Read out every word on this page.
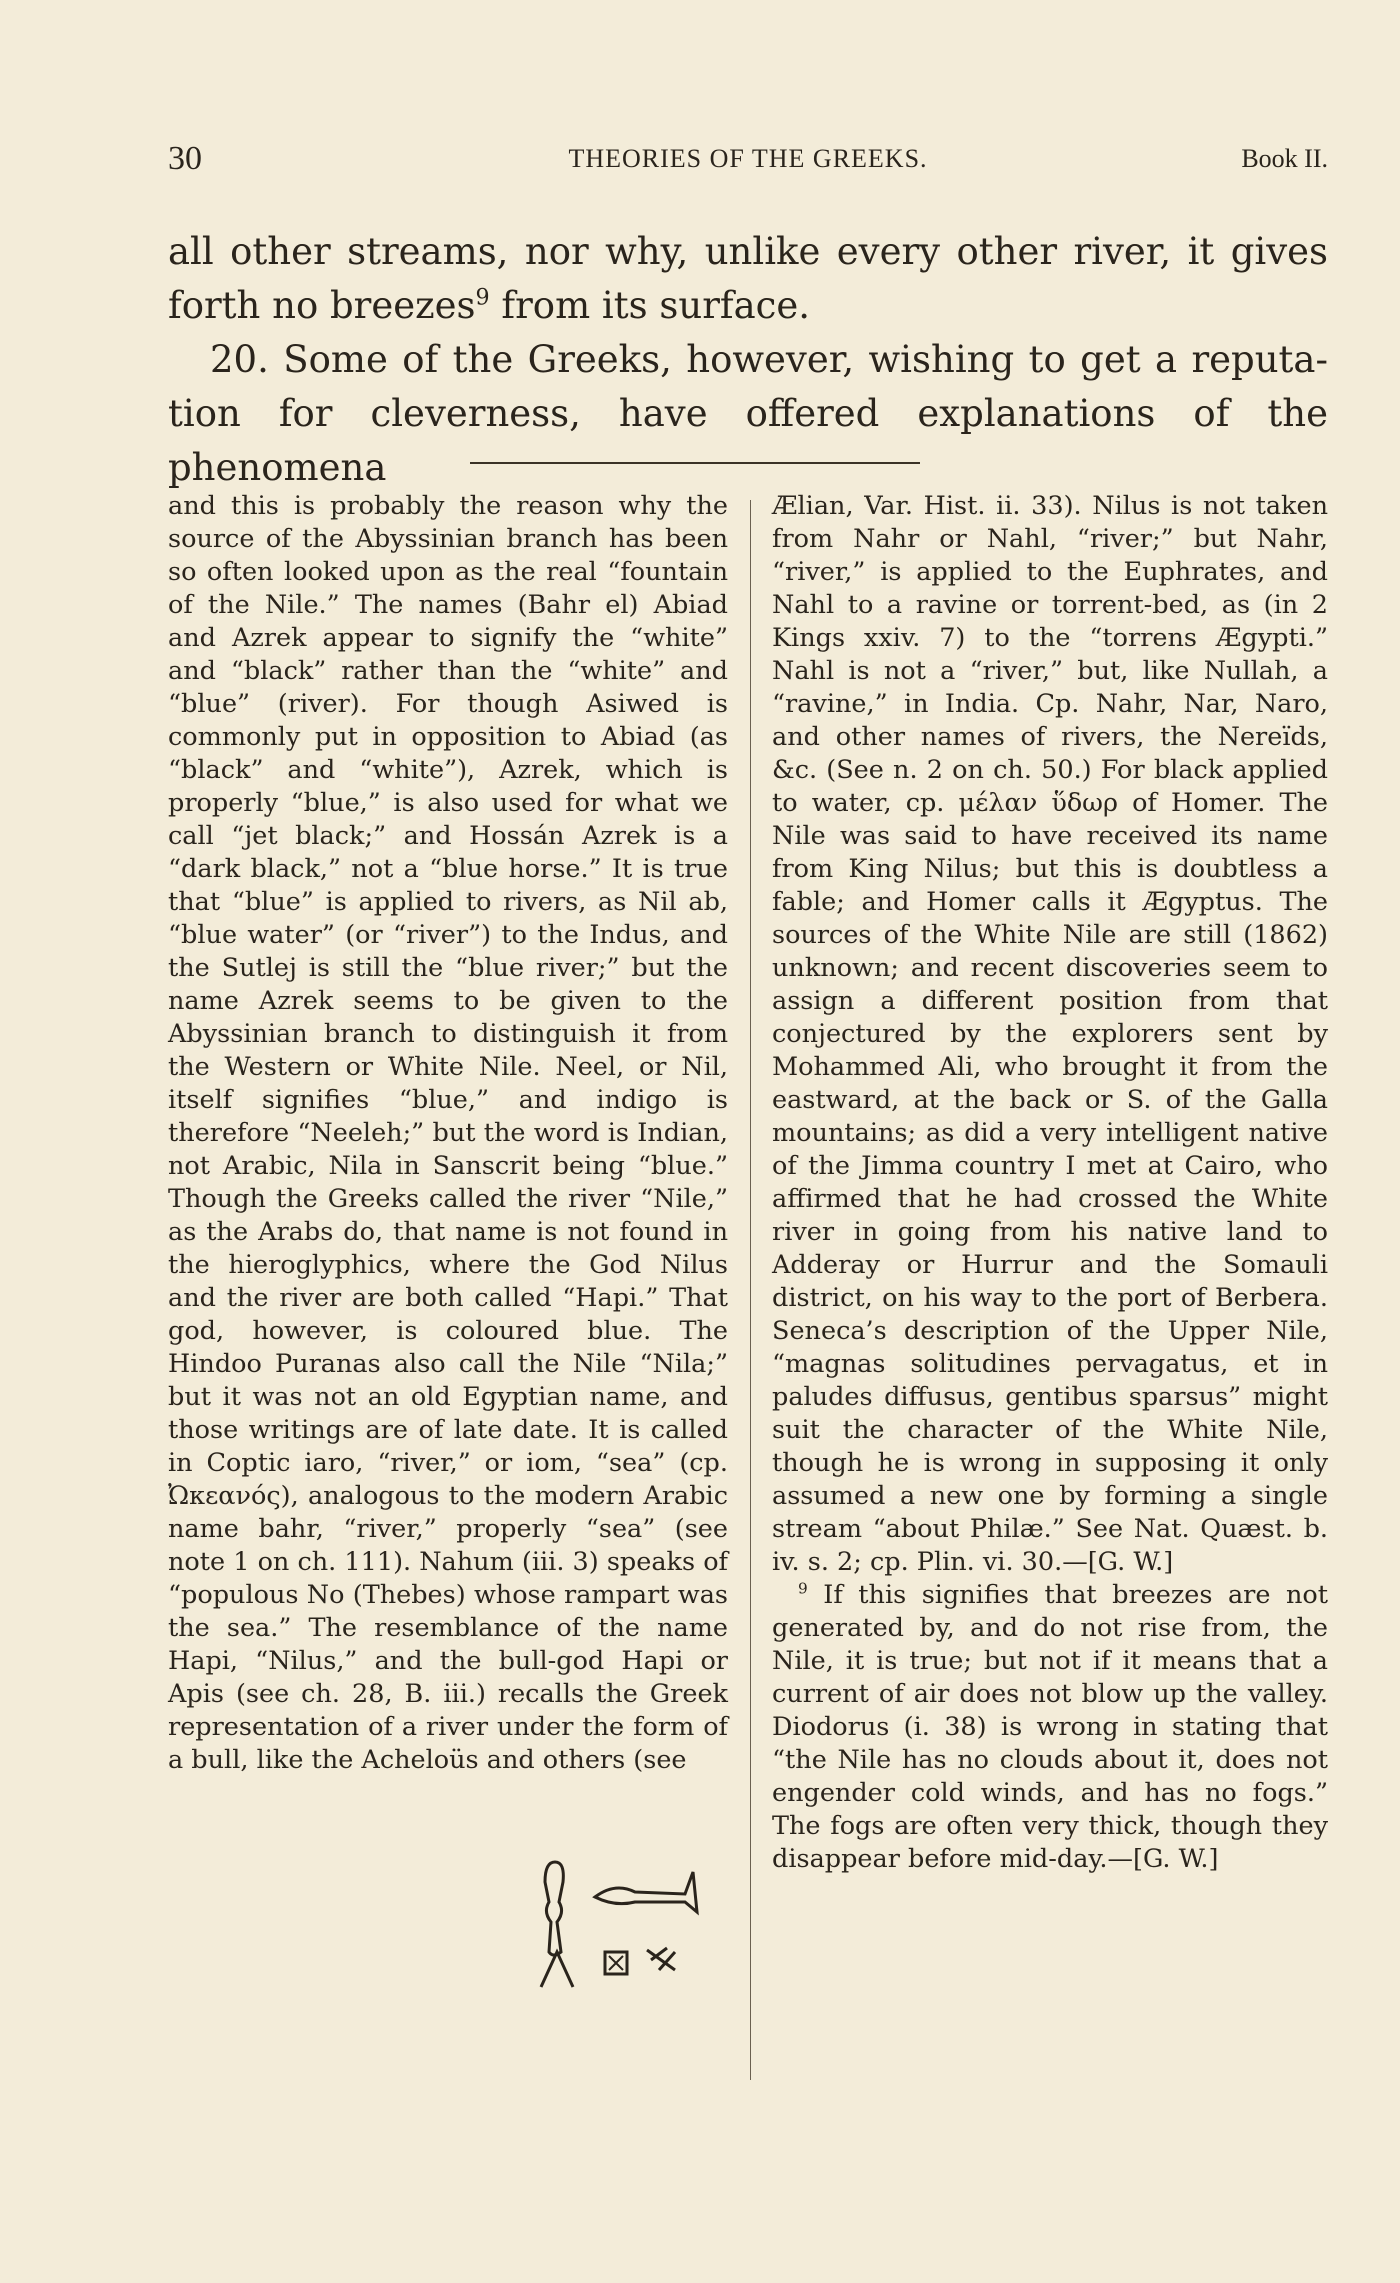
30	THEORIES OF THE GREEKS.	Book II.

all other streams, nor why, unlike every other river, it gives

forth no breezes$^9$ from its surface.

20. Some of the Greeks, however, wishing to get a reputa-

tion for cleverness, have offered explanations of the phenomena

and this is probably the reason why the source of the Abyssinian branch has been so often looked upon as the real “fountain of the Nile.” The names (Bahr el) Abiad and Azrek appear to signify the “white” and “black” rather than the “white” and “blue” (river). For though Asiwed is commonly put in opposition to Abiad (as “black” and “white”), Azrek, which is properly “blue,” is also used for what we call “jet black;” and Hossán Azrek is a “dark black,” not a “blue horse.” It is true that “blue” is applied to rivers, as Nil ab, “blue water” (or “river”) to the Indus, and the Sutlej is still the “blue river;” but the name Azrek seems to be given to the Abyssinian branch to distinguish it from the Western or White Nile. Neel, or Nil, itself signifies “blue,” and indigo is therefore “Neeleh;” but the word is Indian, not Arabic, Nila in Sanscrit being “blue.” Though the Greeks called the river “Nile,” as the Arabs do, that name is not found in the hieroglyphics, where the God Nilus and the river are both called “Hapi.” That god, however, is coloured blue. The Hindoo Puranas also call the Nile “Nila;” but it was not an old Egyptian name, and those writings are of late date. It is called in Coptic iaro, “river,” or iom, “sea” (cp. Ὠκεανός), analogous to the modern Arabic name bahr, “river,” properly “sea” (see note 1 on ch. 111). Nahum (iii. 3) speaks of “populous No (Thebes) whose rampart was the sea.” The resemblance of the name Hapi, “Nilus,” and the bull-god Hapi or Apis (see ch. 28, B. iii.) recalls the Greek representation of a river under the form of a bull, like the Acheloüs and others (see

Ælian, Var. Hist. ii. 33). Nilus is not taken from Nahr or Nahl, “river;” but Nahr, “river,” is applied to the Euphrates, and Nahl to a ravine or torrent-bed, as (in 2 Kings xxiv. 7) to the “torrens Ægypti.” Nahl is not a “river,” but, like Nullah, a “ravine,” in India. Cp. Nahr, Nar, Naro, and other names of rivers, the Nereïds, &c. (See n. 2 on ch. 50.) For black applied to water, cp. μέλαν ὕδωρ of Homer. The Nile was said to have received its name from King Nilus; but this is doubtless a fable; and Homer calls it Ægyptus. The sources of the White Nile are still (1862) unknown; and recent discoveries seem to assign a different position from that conjectured by the explorers sent by Mohammed Ali, who brought it from the eastward, at the back or S. of the Galla mountains; as did a very intelligent native of the Jimma country I met at Cairo, who affirmed that he had crossed the White river in going from his native land to Adderay or Hurrur and the Somauli district, on his way to the port of Berbera. Seneca’s description of the Upper Nile, “magnas solitudines pervagatus, et in paludes diffusus, gentibus sparsus” might suit the character of the White Nile, though he is wrong in supposing it only assumed a new one by forming a single stream “about Philæ.” See Nat. Quæst. b. iv. s. 2; cp. Plin. vi. 30.—[G. W.]

$^9$ If this signifies that breezes are not generated by, and do not rise from, the Nile, it is true; but not if it means that a current of air does not blow up the valley. Diodorus (i. 38) is wrong in stating that “the Nile has no clouds about it, does not engender cold winds, and has no fogs.” The fogs are often very thick, though they disappear before mid-day.—[G. W.]
